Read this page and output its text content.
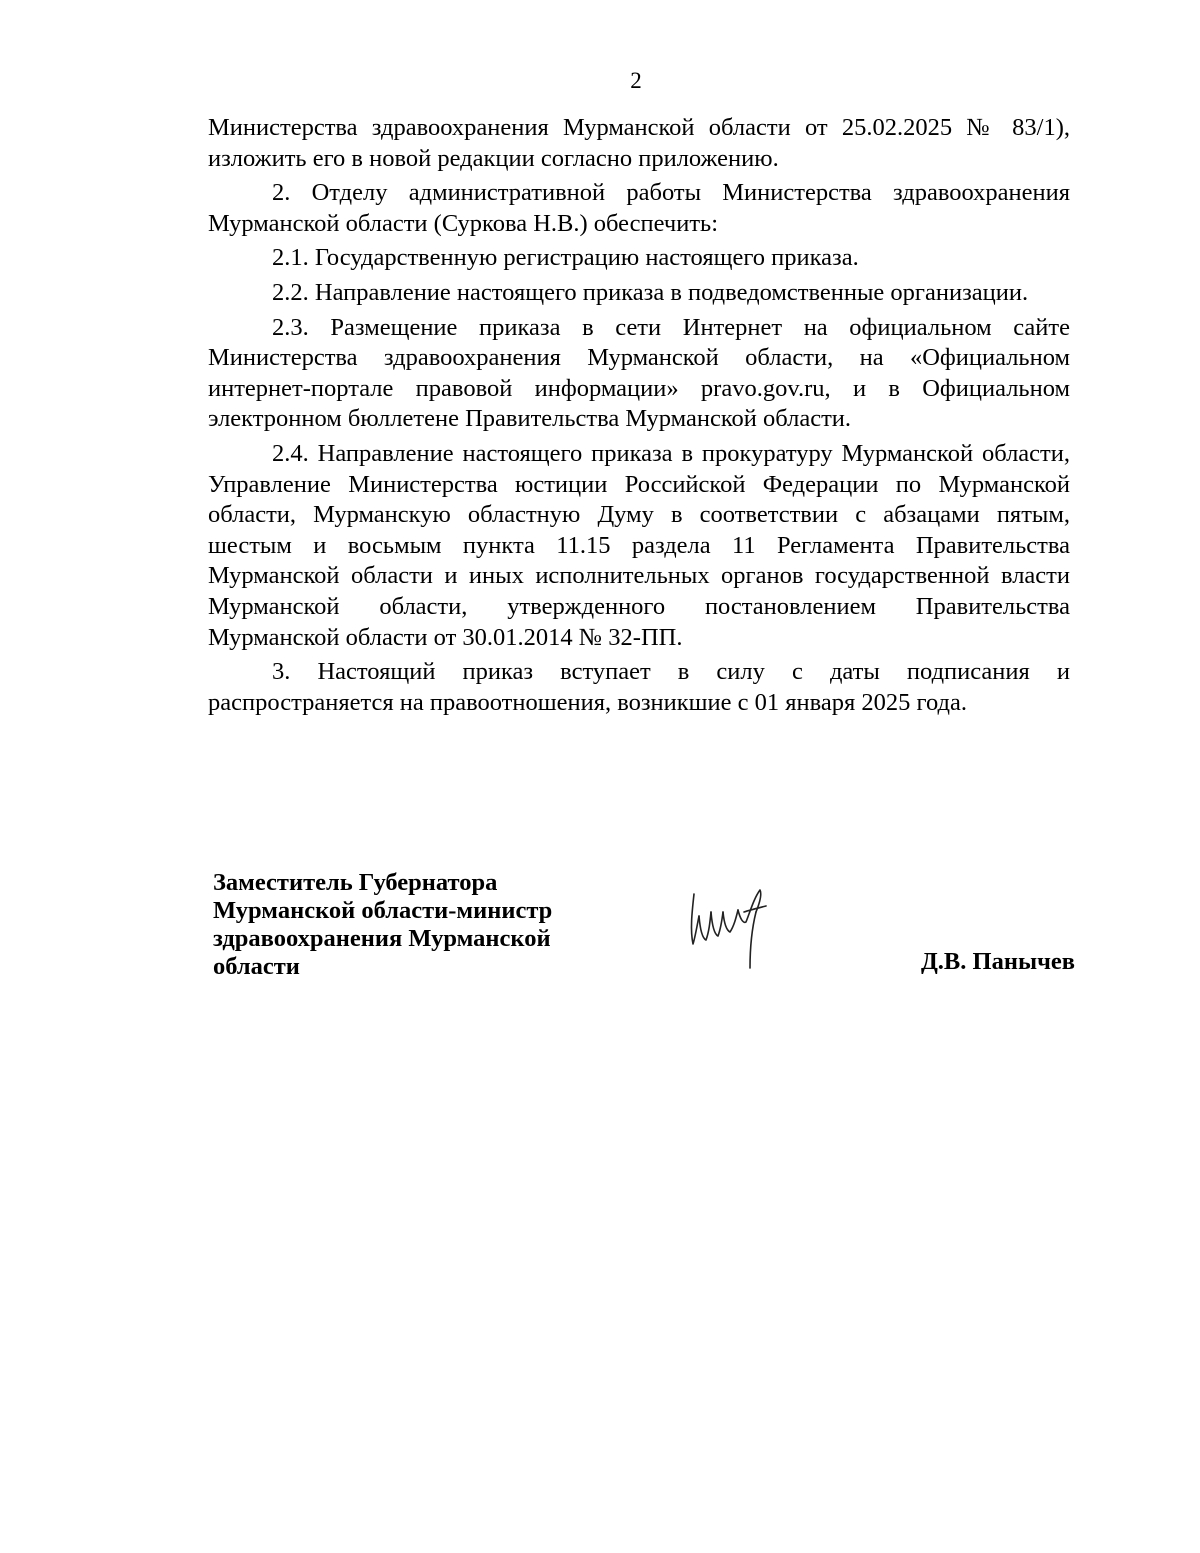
2

Министерства здравоохранения Мурманской области от 25.02.2025 № 83/1), изложить его в новой редакции согласно приложению.

2. Отделу административной работы Министерства здравоохранения Мурманской области (Суркова Н.В.) обеспечить:

2.1. Государственную регистрацию настоящего приказа.

2.2. Направление настоящего приказа в подведомственные организации.

2.3. Размещение приказа в сети Интернет на официальном сайте Министерства здравоохранения Мурманской области, на «Официальном интернет-портале правовой информации» pravo.gov.ru, и в Официальном электронном бюллетене Правительства Мурманской области.

2.4. Направление настоящего приказа в прокуратуру Мурманской области, Управление Министерства юстиции Российской Федерации по Мурманской области, Мурманскую областную Думу в соответствии с абзацами пятым, шестым и восьмым пункта 11.15 раздела 11 Регламента Правительства Мурманской области и иных исполнительных органов государственной власти Мурманской области, утвержденного постановлением Правительства Мурманской области от 30.01.2014 № 32-ПП.

3. Настоящий приказ вступает в силу с даты подписания и распространяется на правоотношения, возникшие с 01 января 2025 года.

Заместитель Губернатора
Мурманской области-министр
здравоохранения Мурманской
области	Д.В. Панычев
